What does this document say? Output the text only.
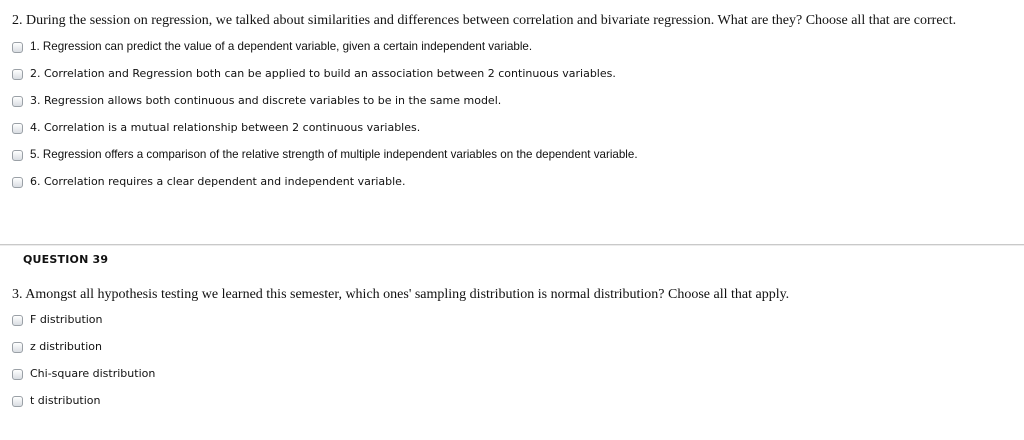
2. During the session on regression, we talked about similarities and differences between correlation and bivariate regression. What are they? Choose all that are correct.
1. Regression can predict the value of a dependent variable, given a certain independent variable.
2. Correlation and Regression both can be applied to build an association between 2 continuous variables.
3. Regression allows both continuous and discrete variables to be in the same model.
4. Correlation is a mutual relationship between 2 continuous variables.
5. Regression offers a comparison of the relative strength of multiple independent variables on the dependent variable.
6. Correlation requires a clear dependent and independent variable.
QUESTION 39
3. Amongst all hypothesis testing we learned this semester, which ones' sampling distribution is normal distribution? Choose all that apply.
F distribution
z distribution
Chi-square distribution
t distribution
